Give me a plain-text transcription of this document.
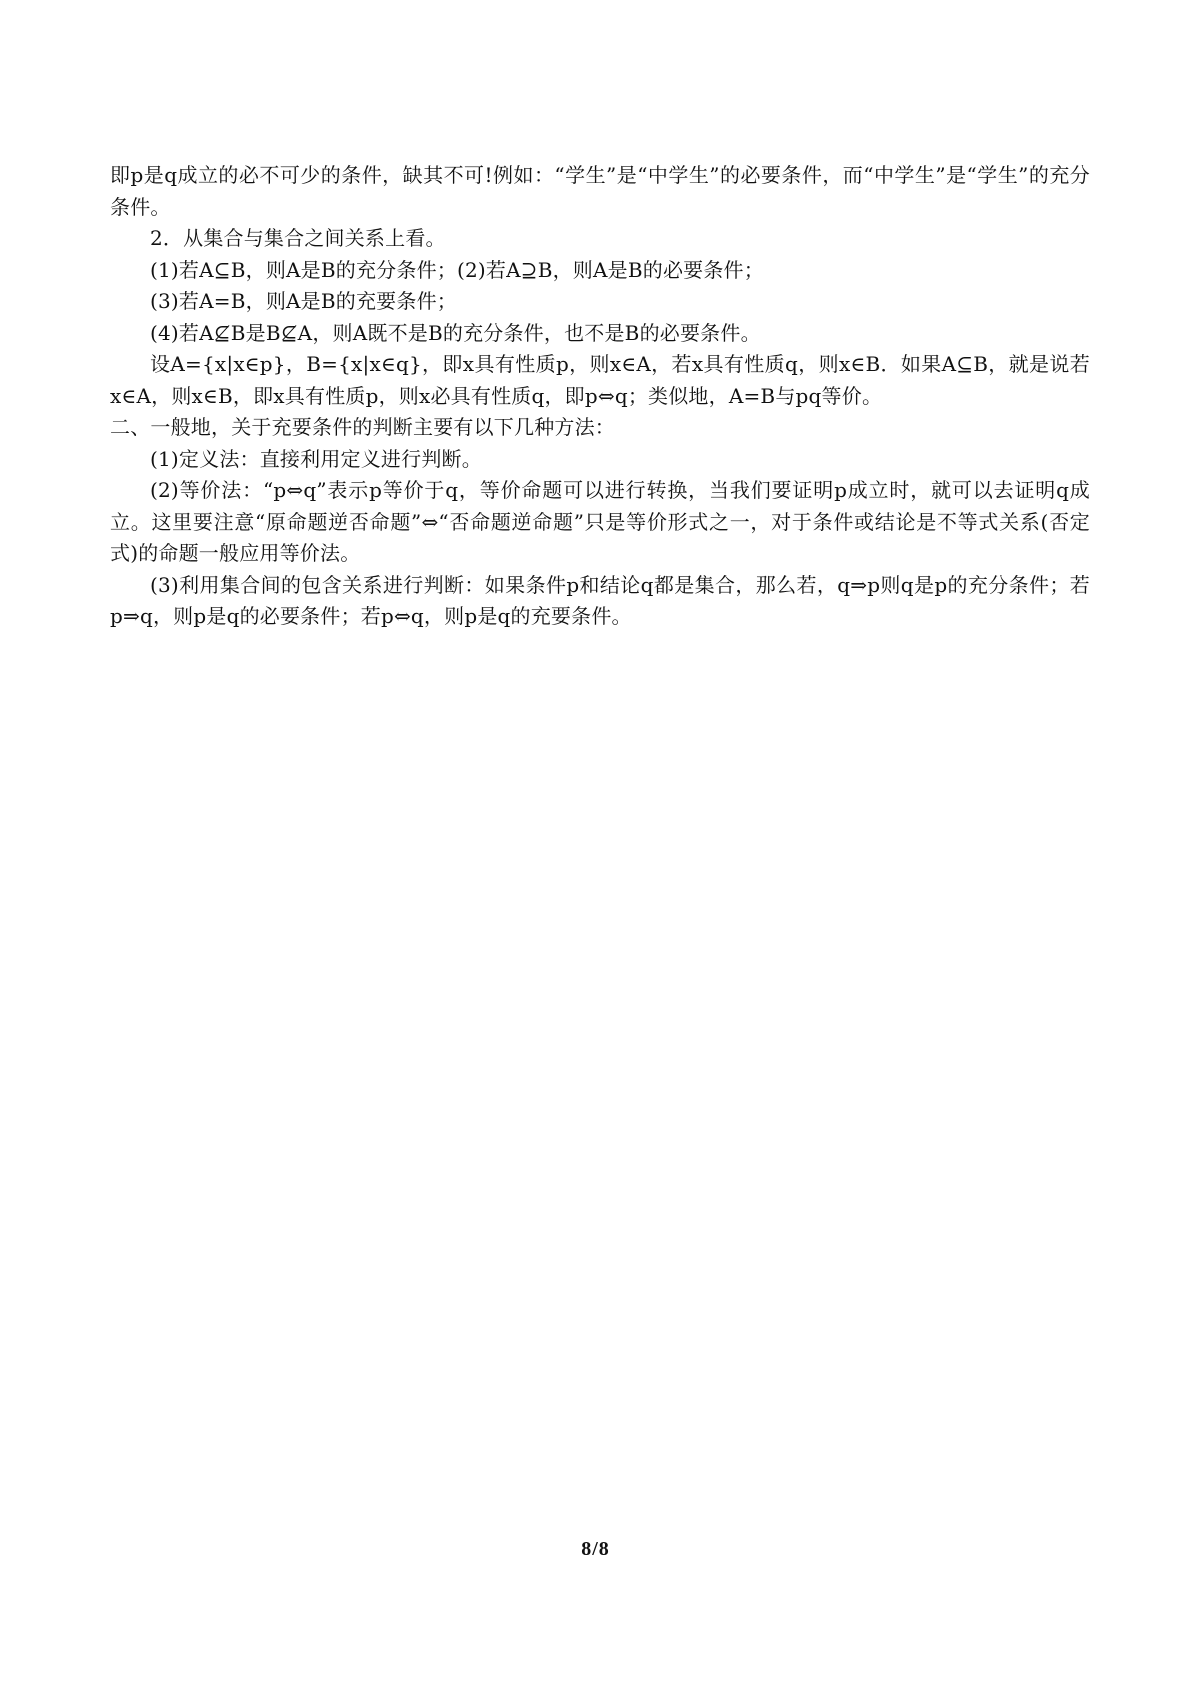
即p是q成立的必不可少的条件，缺其不可!例如：“学生”是“中学生”的必要条件，而“中学生”是“学生”的充分条件。

2．从集合与集合之间关系上看。

(1)若A⊆B，则A是B的充分条件；(2)若A⊇B，则A是B的必要条件；

(3)若A=B，则A是B的充要条件；

(4)若A⊈B是B⊈A，则A既不是B的充分条件，也不是B的必要条件。

设A={x|x∈p}，B={x|x∈q}，即x具有性质p，则x∈A，若x具有性质q，则x∈B．如果A⊆B，就是说若x∈A，则x∈B，即x具有性质p，则x必具有性质q，即p⇔q；类似地，A=B与pq等价。

二、一般地，关于充要条件的判断主要有以下几种方法：

(1)定义法：直接利用定义进行判断。

(2)等价法：“p⇔q”表示p等价于q，等价命题可以进行转换，当我们要证明p成立时，就可以去证明q成立。这里要注意“原命题逆否命题”⇔“否命题逆命题”只是等价形式之一，对于条件或结论是不等式关系(否定式)的命题一般应用等价法。

(3)利用集合间的包含关系进行判断：如果条件p和结论q都是集合，那么若，q⇒p则q是p的充分条件；若p⇒q，则p是q的必要条件；若p⇔q，则p是q的充要条件。

8/8
